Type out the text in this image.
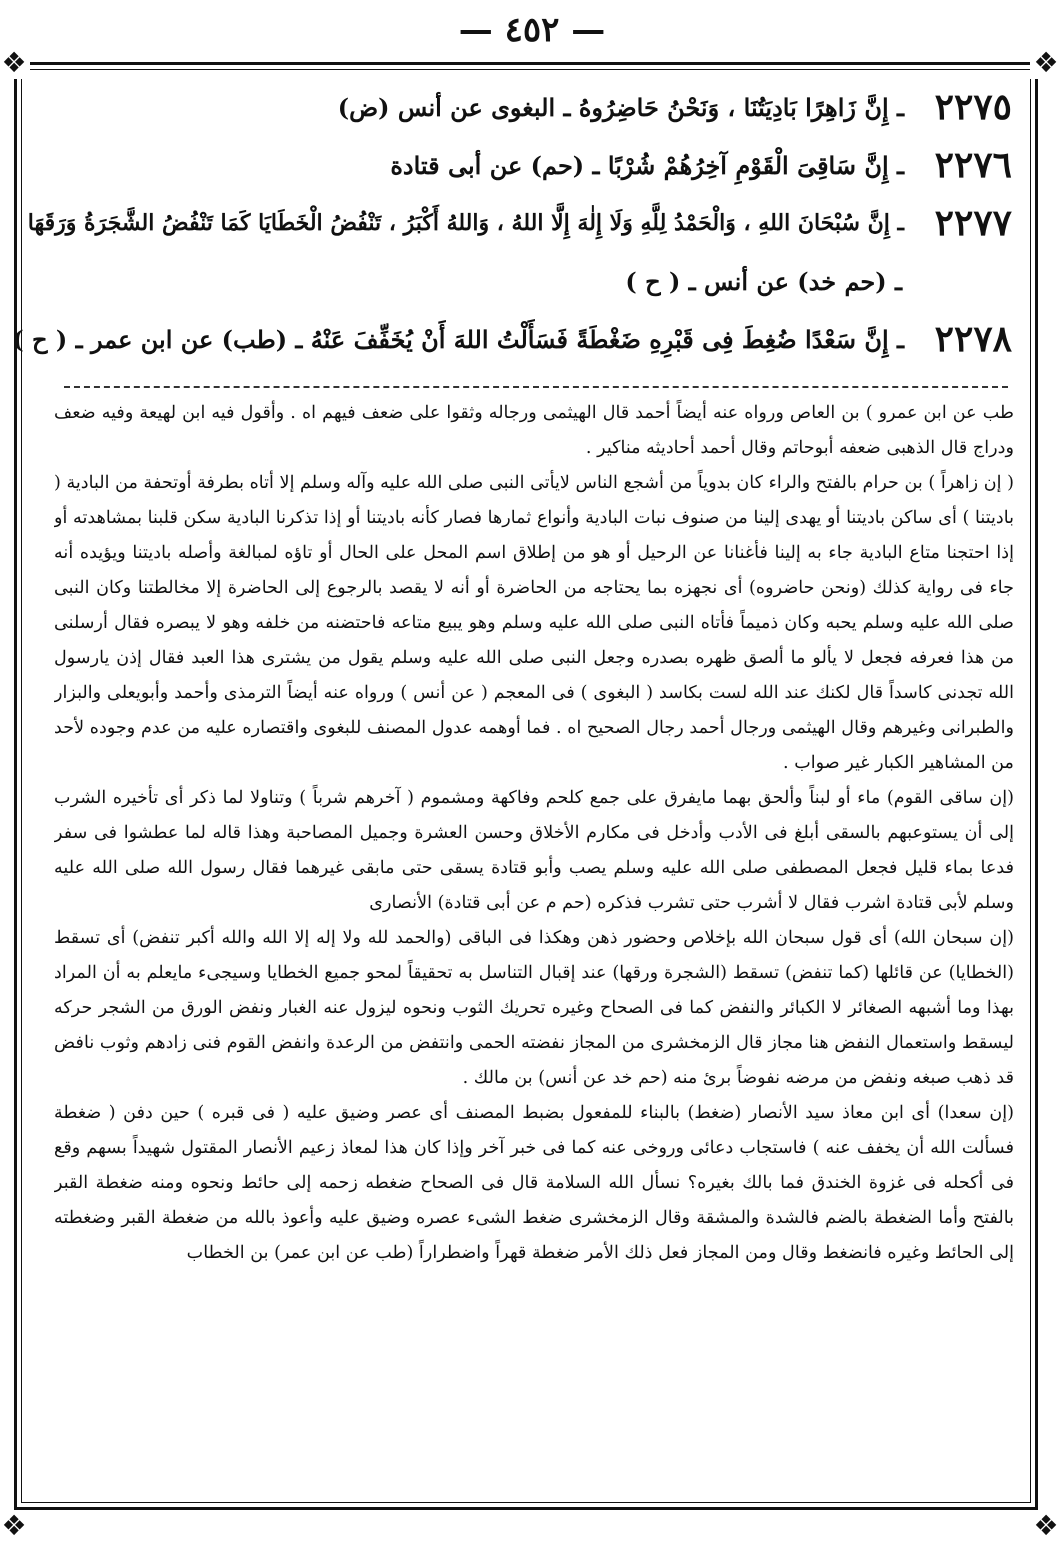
— ٤٥٢ —
❖	❖
❖	❖
٢٢٧٥
ـ إِنَّ زَاهِرًا بَادِيَتُنَا ، وَنَحْنُ حَاضِرُوهُ ـ البغوى عن أنس (ض)
٢٢٧٦
ـ إِنَّ سَاقِىَ الْقَوْمِ آخِرُهُمْ شُرْبًا ـ (حم) عن أبى قتادة
٢٢٧٧
ـ إِنَّ سُبْحَانَ اللهِ ، وَالْحَمْدُ لِلَّهِ وَلَا إِلٰهَ إِلَّا اللهُ ، وَاللهُ أَكْبَرُ ، تَنْفُضُ الْخَطَايَا كَمَا تَنْفُضُ الشَّجَرَةُ وَرَقَهَا
ـ (حم خد) عن أنس ـ ( ح )
٢٢٧٨
ـ إِنَّ سَعْدًا ضُغِطَ فِى قَبْرِهِ ضَغْطَةً فَسَأَلْتُ اللهَ أَنْ يُخَفِّفَ عَنْهُ ـ (طب) عن ابن عمر ـ ( ح )

طب عن ابن عمرو ) بن العاص ورواه عنه أيضاً أحمد قال الهيثمى ورجاله وثقوا على ضعف فيهم اه . وأقول فيه ابن لهيعة وفيه ضعف ودراج قال الذهبى ضعفه أبوحاتم وقال أحمد أحاديثه مناكير .

( إن زاهراً ) بن حرام بالفتح والراء كان بدوياً من أشجع الناس لايأتى النبى صلى الله عليه وآله وسلم إلا أتاه بطرفة أوتحفة من البادية ( باديتنا ) أى ساكن باديتنا أو يهدى إلينا من صنوف نبات البادية وأنواع ثمارها فصار كأنه باديتنا أو إذا تذكرنا البادية سكن قلبنا بمشاهدته أو إذا احتجنا متاع البادية جاء به إلينا فأغنانا عن الرحيل أو هو من إطلاق اسم المحل على الحال أو تاؤه لمبالغة وأصله باديتنا ويؤيده أنه جاء فى رواية كذلك (ونحن حاضروه) أى نجهزه بما يحتاجه من الحاضرة أو أنه لا يقصد بالرجوع إلى الحاضرة إلا مخالطتنا وكان النبى صلى الله عليه وسلم يحبه وكان ذميماً فأتاه النبى صلى الله عليه وسلم وهو يبيع متاعه فاحتضنه من خلفه وهو لا يبصره فقال أرسلنى من هذا فعرفه فجعل لا يألو ما ألصق ظهره بصدره وجعل النبى صلى الله عليه وسلم يقول من يشترى هذا العبد فقال إذن يارسول الله تجدنى كاسداً قال لكنك عند الله لست بكاسد ( البغوى ) فى المعجم ( عن أنس ) ورواه عنه أيضاً الترمذى وأحمد وأبويعلى والبزار والطبرانى وغيرهم وقال الهيثمى ورجال أحمد رجال الصحيح اه . فما أوهمه عدول المصنف للبغوى واقتصاره عليه من عدم وجوده لأحد من المشاهير الكبار غير صواب .

(إن ساقى القوم) ماء أو لبناً وألحق بهما مايفرق على جمع كلحم وفاكهة ومشموم ( آخرهم شرباً ) وتناولا لما ذكر أى تأخيره الشرب إلى أن يستوعبهم بالسقى أبلغ فى الأدب وأدخل فى مكارم الأخلاق وحسن العشرة وجميل المصاحبة وهذا قاله لما عطشوا فى سفر فدعا بماء قليل فجعل المصطفى صلى الله عليه وسلم يصب وأبو قتادة يسقى حتى مابقى غيرهما فقال رسول الله صلى الله عليه وسلم لأبى قتادة اشرب فقال لا أشرب حتى تشرب فذكره (حم م عن أبى قتادة) الأنصارى

(إن سبحان الله) أى قول سبحان الله بإخلاص وحضور ذهن وهكذا فى الباقى (والحمد لله ولا إله إلا الله والله أكبر تنفض) أى تسقط (الخطايا) عن قائلها (كما تنفض) تسقط (الشجرة ورقها) عند إقبال التناسل به تحقيقاً لمحو جميع الخطايا وسيجىء مايعلم به أن المراد بهذا وما أشبهه الصغائر لا الكبائر والنفض كما فى الصحاح وغيره تحريك الثوب ونحوه ليزول عنه الغبار ونفض الورق من الشجر حركه ليسقط واستعمال النفض هنا مجاز قال الزمخشرى من المجاز نفضته الحمى وانتفض من الرعدة وانفض القوم فنى زادهم وثوب نافض قد ذهب صبغه ونفض من مرضه نفوضاً برئ منه (حم خد عن أنس) بن مالك .

(إن سعدا) أى ابن معاذ سيد الأنصار (ضغط) بالبناء للمفعول بضبط المصنف أى عصر وضيق عليه ( فى قبره ) حين دفن ( ضغطة فسألت الله أن يخفف عنه ) فاستجاب دعائى وروخى عنه كما فى خبر آخر وإذا كان هذا لمعاذ زعيم الأنصار المقتول شهيداً بسهم وقع فى أكحله فى غزوة الخندق فما بالك بغيره؟ نسأل الله السلامة قال فى الصحاح ضغطه زحمه إلى حائط ونحوه ومنه ضغطة القبر بالفتح وأما الضغطة بالضم فالشدة والمشقة وقال الزمخشرى ضغط الشىء عصره وضيق عليه وأعوذ بالله من ضغطة القبر وضغطته إلى الحائط وغيره فانضغط وقال ومن المجاز فعل ذلك الأمر ضغطة قهراً واضطراراً (طب عن ابن عمر) بن الخطاب
